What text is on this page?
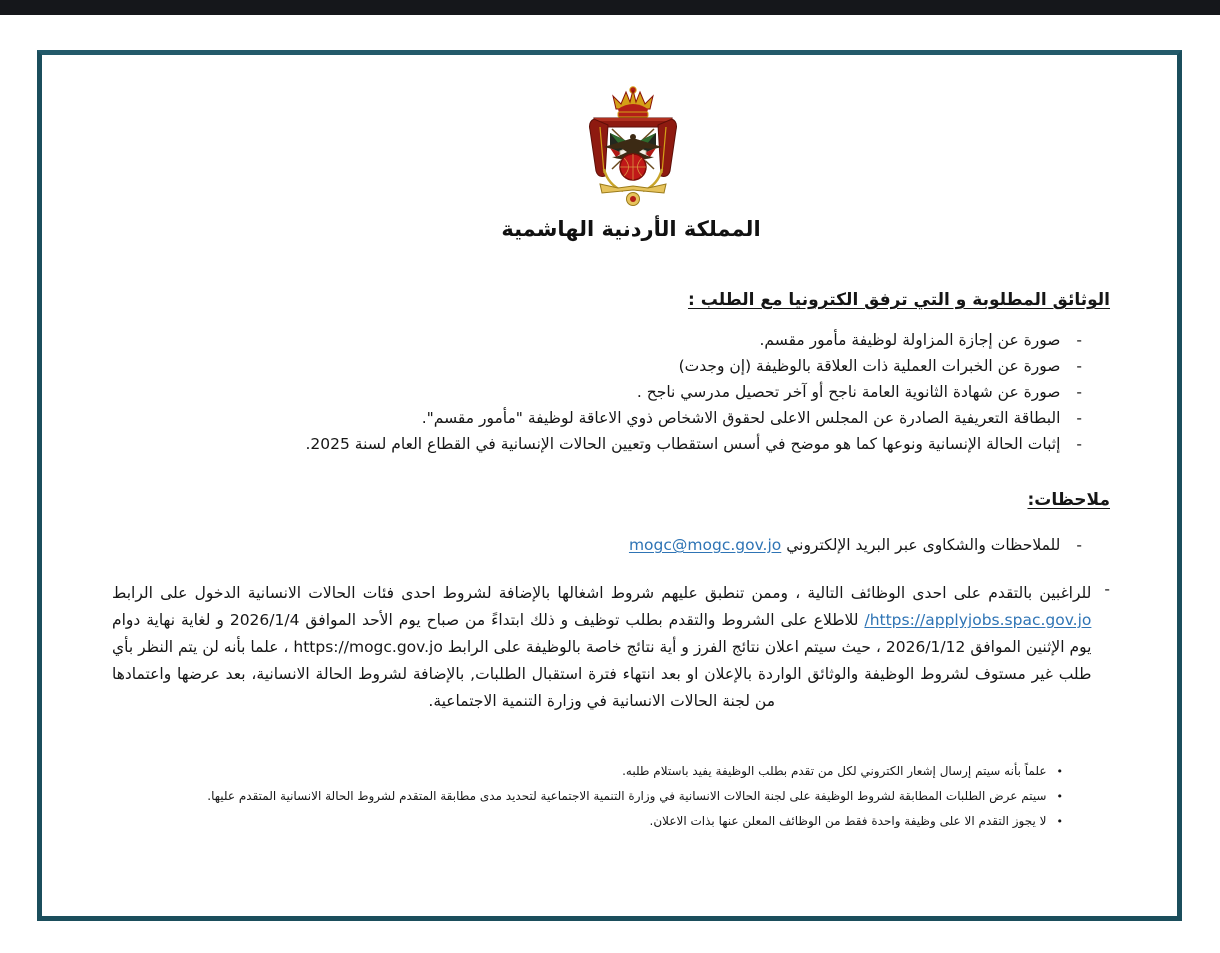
المملكة الأردنية الهاشمية
الوثائق المطلوبة و التي ترفق الكترونيا مع الطلب :
-
صورة عن إجازة المزاولة لوظيفة مأمور مقسم.
-
صورة عن الخبرات العملية ذات العلاقة بالوظيفة (إن وجدت)
-
صورة عن شهادة الثانوية العامة ناجح أو آخر تحصيل مدرسي ناجح .
-
البطاقة التعريفية الصادرة عن المجلس الاعلى لحقوق الاشخاص ذوي الاعاقة لوظيفة "مأمور مقسم".
-
إثبات الحالة الإنسانية ونوعها كما هو موضح في أسس استقطاب وتعيين الحالات الإنسانية في القطاع العام لسنة 2025.
ملاحظات:
-
للملاحظات والشكاوى عبر البريد الإلكتروني mogc@mogc.gov.jo
-
للراغبين بالتقدم على احدى الوظائف التالية ، وممن تنطبق عليهم شروط اشغالها بالإضافة لشروط احدى فئات الحالات الانسانية الدخول على الرابط https://applyjobs.spac.gov.jo/ للاطلاع على الشروط والتقدم بطلب توظيف و ذلك ابتداءً من صباح يوم الأحد الموافق 2026/1/4 و لغاية نهاية دوام يوم الإثنين الموافق 2026/1/12 ، حيث سيتم اعلان نتائج الفرز و أية نتائج خاصة بالوظيفة على الرابط https://mogc.gov.jo ، علما بأنه لن يتم النظر بأي طلب غير مستوف لشروط الوظيفة والوثائق الواردة بالإعلان او بعد انتهاء فترة استقبال الطلبات, بالإضافة لشروط الحالة الانسانية، بعد عرضها واعتمادها من لجنة الحالات الانسانية في وزارة التنمية الاجتماعية.
•
علماً بأنه سيتم إرسال إشعار الكتروني لكل من تقدم بطلب الوظيفة يفيد باستلام طلبه.
•
سيتم عرض الطلبات المطابقة لشروط الوظيفة على لجنة الحالات الانسانية في وزارة التنمية الاجتماعية لتحديد مدى مطابقة المتقدم لشروط الحالة الانسانية المتقدم عليها.
•
لا يجوز التقدم الا على وظيفة واحدة فقط من الوظائف المعلن عنها بذات الاعلان.
